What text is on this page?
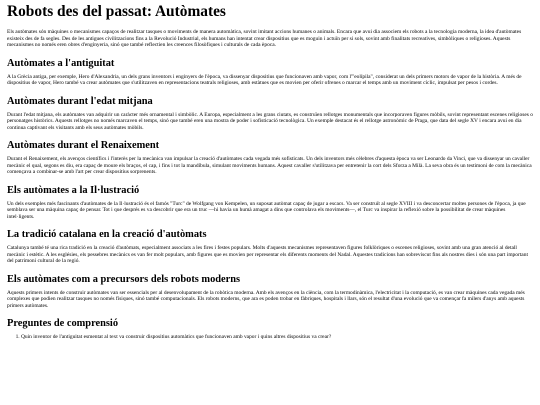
Robots des del passat: Autòmates

Els autòmates són màquines o mecanismes capaços de realitzar tasques o moviments de manera automàtica, sovint imitant accions humanes o animals. Encara que avui dia associem els robots a la tecnologia moderna, la idea d'autòmates existeix des de fa segles. Des de les antigues civilitzacions fins a la Revolució Industrial, els humans han intentat crear dispositius que es moguin i actuïn per si sols, sovint amb finalitats recreatives, simbòliques o religioses. Aquests mecanismes no només eren obres d'enginyeria, sinó que també reflectien les creences filosòfiques i culturals de cada època.

Autòmates a l'antiguitat

A la Grècia antiga, per exemple, Hero d'Alexandria, un dels grans inventors i enginyers de l'època, va dissenyar dispositius que funcionaven amb vapor, com l'"eolípila", considerat un dels primers motors de vapor de la història. A més de dispositius de vapor, Hero també va crear autòmates que s'utilitzaven en representacions teatrals religioses, amb estàtues que es movien per oferir ofrenes o marcar el temps amb un moviment cíclic, impulsat per pesos i cordes.

Autòmates durant l'edat mitjana

Durant l'edat mitjana, els autòmates van adquirir un caràcter més ornamental i simbòlic. A Europa, especialment a les grans ciutats, es construïen rellotges monumentals que incorporaven figures mòbils, sovint representant escenes religioses o personatges històrics. Aquests rellotges no només marcaven el temps, sinó que també eren una mostra de poder i sofisticació tecnològica. Un exemple destacat és el rellotge astronòmic de Praga, que data del segle XV i encara avui en dia continua captivant els visitants amb els seus autòmates mòbils.

Autòmates durant el Renaixement

Durant el Renaixement, els avenços científics i l'interès per la mecànica van impulsar la creació d'autòmates cada vegada més sofisticats. Un dels inventors més cèlebres d'aquesta època va ser Leonardo da Vinci, que va dissenyar un cavaller mecànic el qual, segons es diu, era capaç de moure els braços, el cap, i fins i tot la mandíbula, simulant moviments humans. Aquest cavaller s'utilitzava per entretenir la cort dels Sforza a Milà. La seva obra és un testimoni de com la mecànica començava a combinar-se amb l'art per crear dispositius sorprenents.

Els autòmates a la Il·lustració

Un dels exemples més fascinants d'autòmates de la Il·lustració és el famós "Turc" de Wolfgang von Kempelen, un suposat autòmat capaç de jugar a escacs. Va ser construït al segle XVIII i va desconcertar moltes persones de l'època, ja que semblava ser una màquina capaç de pensar. Tot i que després es va descobrir que era un truc —hi havia un humà amagat a dins que controlava els moviments—, el Turc va inspirar la reflexió sobre la possibilitat de crear màquines intel·ligents.

La tradició catalana en la creació d'autòmats

Catalunya també té una rica tradició en la creació d'autòmats, especialment associats a les fires i festes populars. Molts d'aquests mecanismes representaven figures folklòriques o escenes religioses, sovint amb una gran atenció al detall mecànic i estètic. A les esglésies, els pessebres mecànics es van fer molt populars, amb figures que es movien per representar els diferents moments del Nadal. Aquestes tradicions han sobreviscut fins als nostres dies i són una part important del patrimoni cultural de la regió.

Els autòmates com a precursors dels robots moderns

Aquests primers intents de construir autòmates van ser essencials per al desenvolupament de la robòtica moderna. Amb els avenços en la ciència, com la termodinàmica, l'electricitat i la computació, es van crear màquines cada vegada més complexes que podien realitzar tasques no només físiques, sinó també computacionals. Els robots moderns, que ara es poden trobar en fàbriques, hospitals i llars, són el resultat d'una evolució que va començar fa milers d'anys amb aquests primers autòmates.

Preguntes de comprensió
1. Quin inventor de l'antiguitat esmentat al text va construir dispositius automàtics que funcionaven amb vapor i quins altres dispositius va crear?
